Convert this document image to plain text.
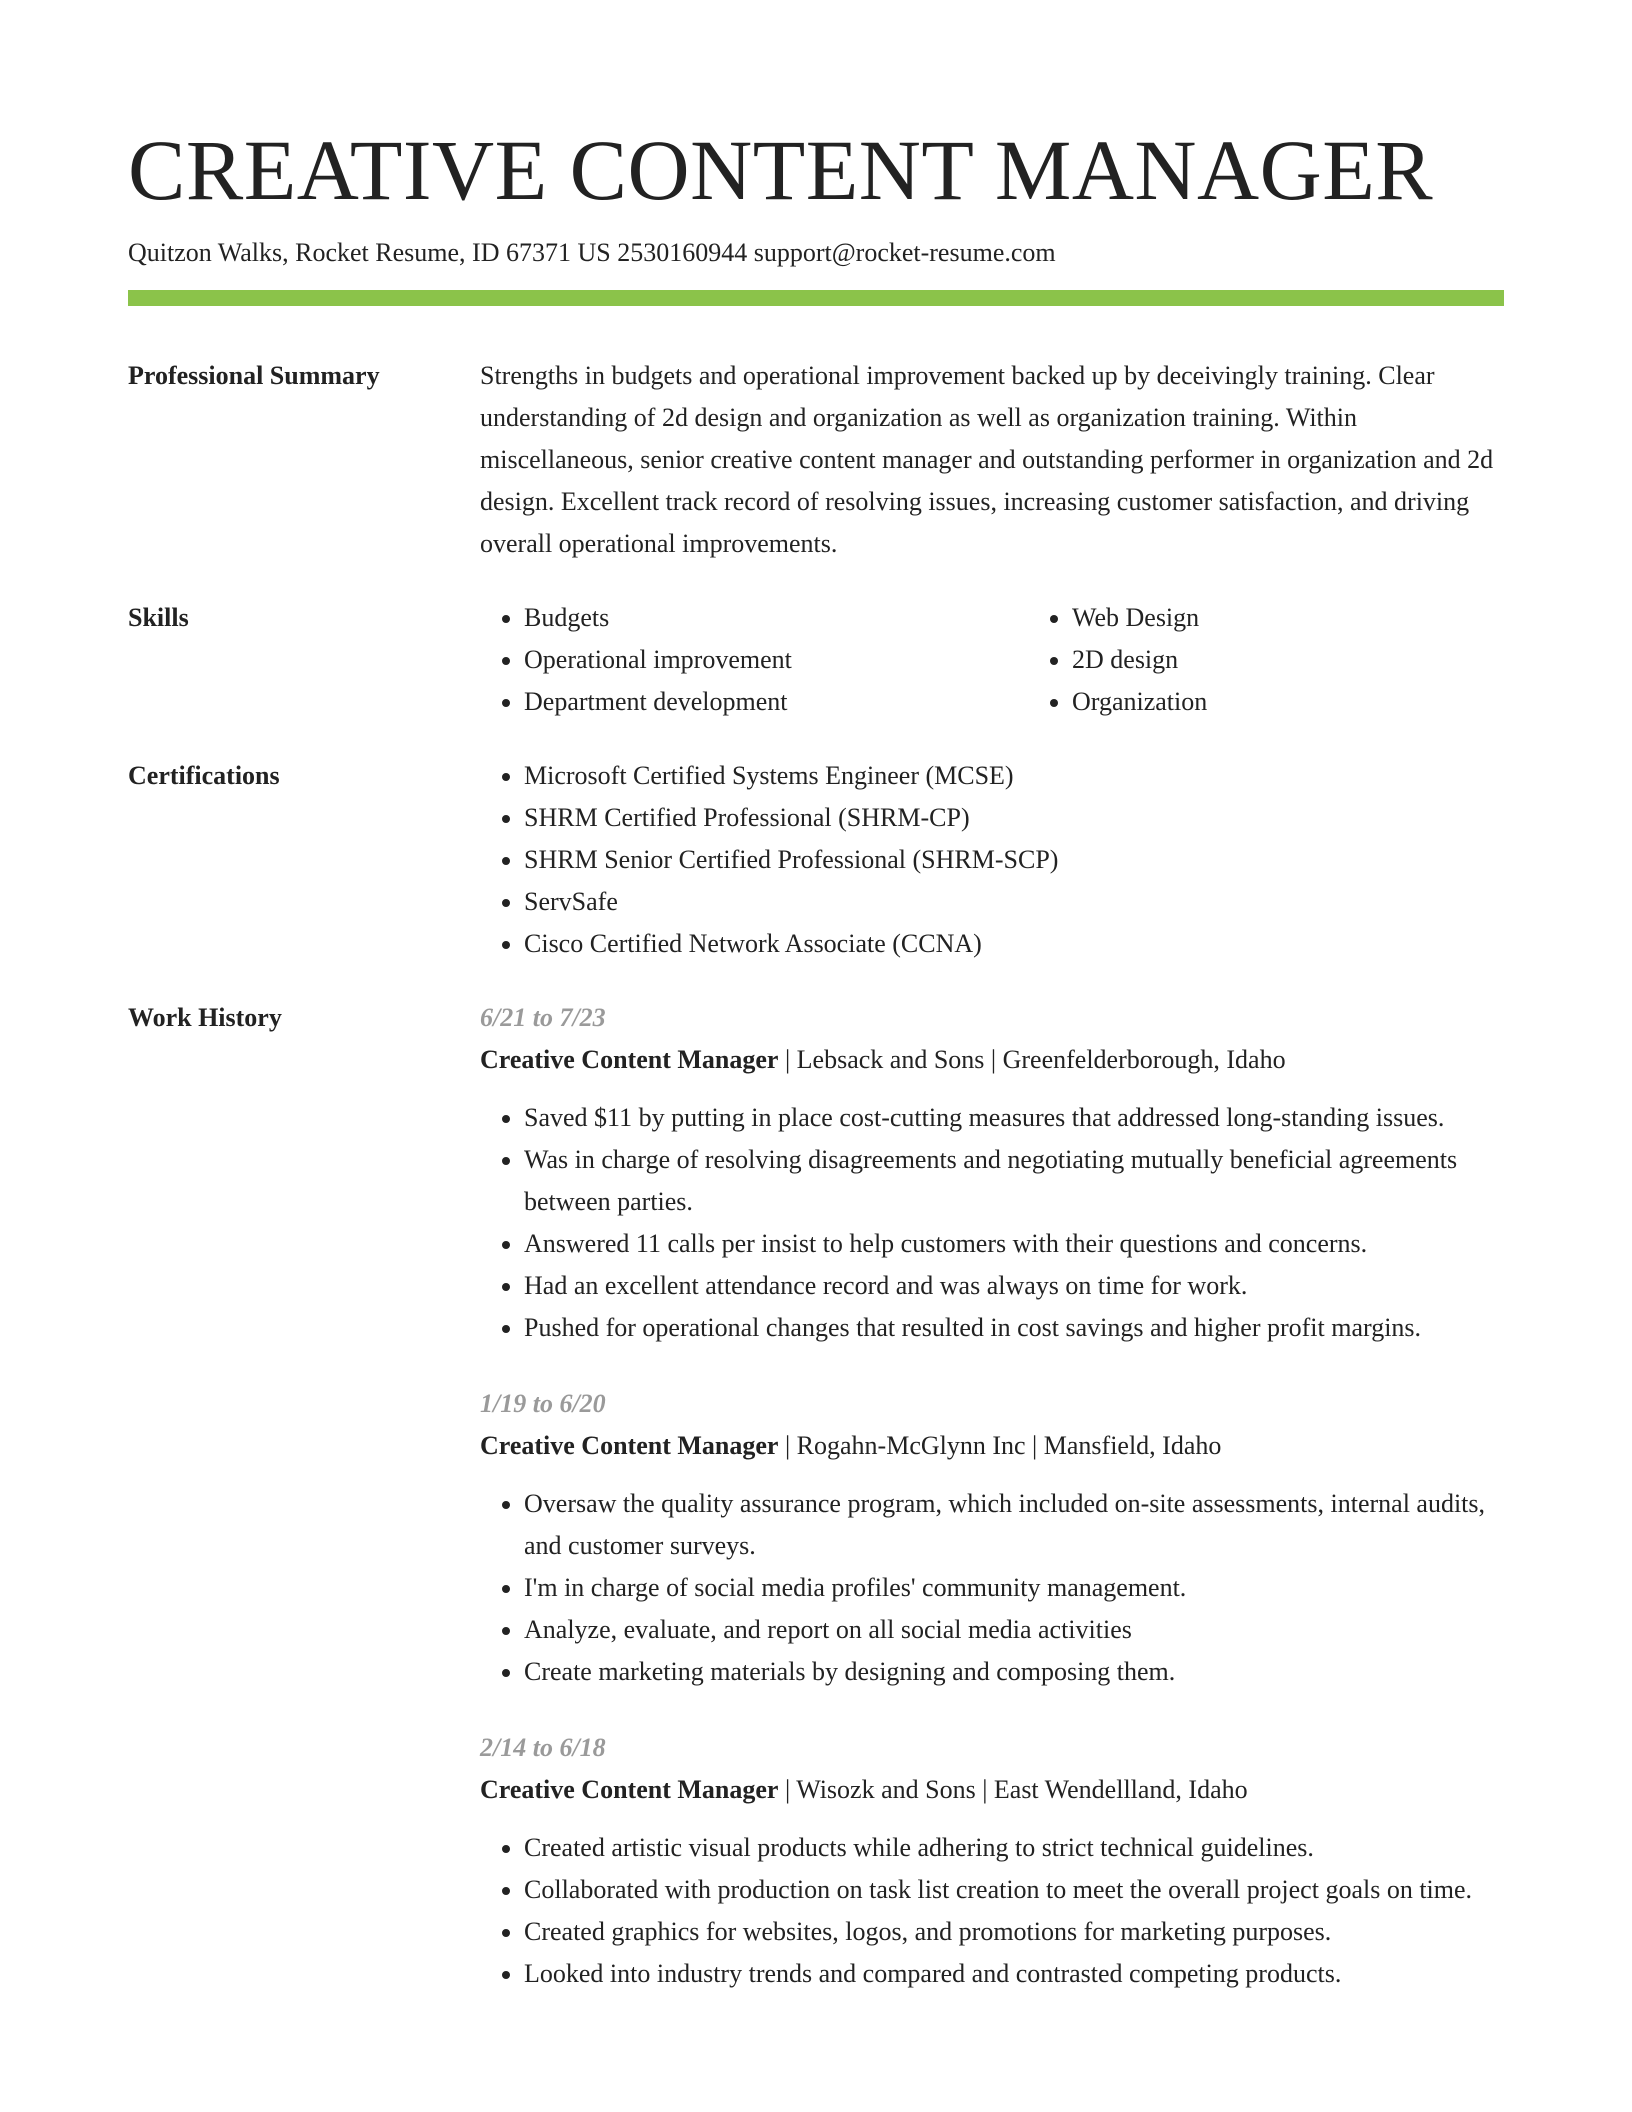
CREATIVE CONTENT MANAGER
Quitzon Walks, Rocket Resume, ID 67371 US 2530160944 support@rocket-resume.com
Professional Summary	Strengths in budgets and operational improvement backed up by deceivingly training. Clear understanding of 2d design and organization as well as organization training. Within miscellaneous, senior creative content manager and outstanding performer in organization and 2d design. Excellent track record of resolving issues, increasing customer satisfaction, and driving overall operational improvements.
Skills	• Budgets
• Operational improvement
• Department development
• Web Design
• 2D design
• Organization
Certifications	• Microsoft Certified Systems Engineer (MCSE)
• SHRM Certified Professional (SHRM-CP)
• SHRM Senior Certified Professional (SHRM-SCP)
• ServSafe
• Cisco Certified Network Associate (CCNA)
Work History	6/21 to 7/23
Creative Content Manager | Lebsack and Sons | Greenfelderborough, Idaho
• Saved $11 by putting in place cost-cutting measures that addressed long-standing issues.
• Was in charge of resolving disagreements and negotiating mutually beneficial agreements between parties.
• Answered 11 calls per insist to help customers with their questions and concerns.
• Had an excellent attendance record and was always on time for work.
• Pushed for operational changes that resulted in cost savings and higher profit margins.
1/19 to 6/20
Creative Content Manager | Rogahn-McGlynn Inc | Mansfield, Idaho
• Oversaw the quality assurance program, which included on-site assessments, internal audits, and customer surveys.
• I'm in charge of social media profiles' community management.
• Analyze, evaluate, and report on all social media activities
• Create marketing materials by designing and composing them.
2/14 to 6/18
Creative Content Manager | Wisozk and Sons | East Wendellland, Idaho
• Created artistic visual products while adhering to strict technical guidelines.
• Collaborated with production on task list creation to meet the overall project goals on time.
• Created graphics for websites, logos, and promotions for marketing purposes.
• Looked into industry trends and compared and contrasted competing products.
